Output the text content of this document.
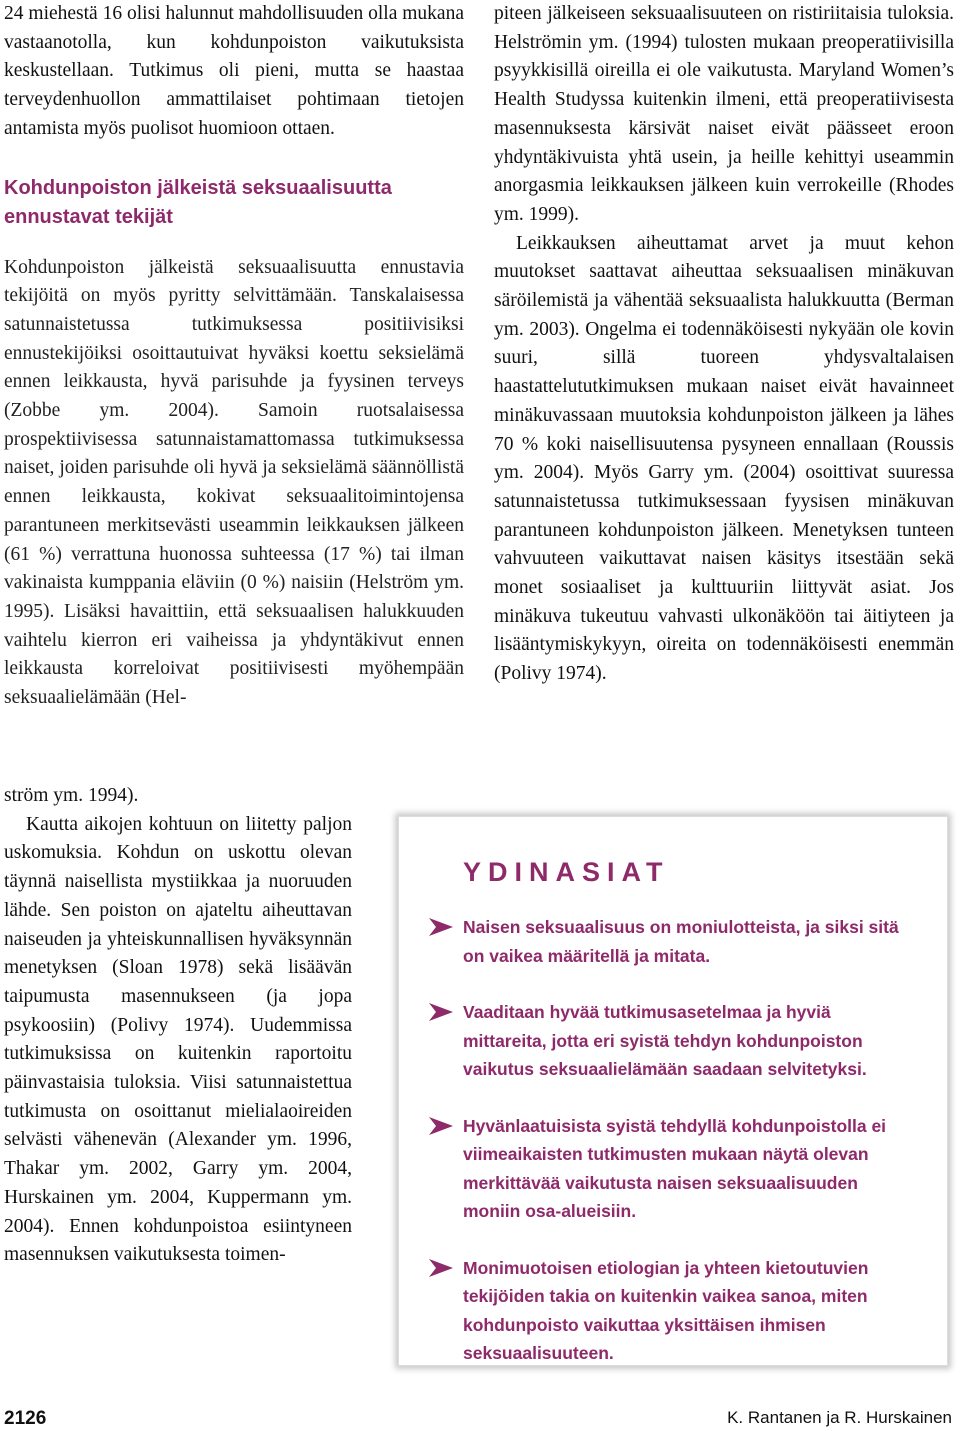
24 miehestä 16 olisi halunnut mahdollisuuden olla mukana vastaanotolla, kun kohdunpoiston vaikutuksista keskustellaan. Tutkimus oli pieni, mutta se haastaa terveydenhuollon ammattilaiset pohtimaan tietojen antamista myös puolisot huomioon ottaen.

Kohdunpoiston jälkeistä seksuaalisuutta ennustavat tekijät

Kohdunpoiston jälkeistä seksuaalisuutta ennustavia tekijöitä on myös pyritty selvittämään. Tanskalaisessa satunnaistetussa tutkimuksessa positiivisiksi ennustekijöiksi osoittautuivat hyväksi koettu seksielämä ennen leikkausta, hyvä parisuhde ja fyysinen terveys (Zobbe ym. 2004). Samoin ruotsalaisessa prospektiivisessa satunnaistamattomassa tutkimuksessa naiset, joiden parisuhde oli hyvä ja seksielämä säännöllistä ennen leikkausta, kokivat seksuaalitoimintojensa parantuneen merkitsevästi useammin leikkauksen jälkeen (61 %) verrattuna huonossa suhteessa (17 %) tai ilman vakinaista kumppania eläviin (0 %) naisiin (Helström ym. 1995). Lisäksi havaittiin, että seksuaalisen halukkuuden vaihtelu kierron eri vaiheissa ja yhdyntäkivut ennen leikkausta korreloivat positiivisesti myöhempään seksuaalielämään (Hel-

ström ym. 1994).

Kautta aikojen kohtuun on liitetty paljon uskomuksia. Kohdun on uskottu olevan täynnä naisellista mystiikkaa ja nuoruuden lähde. Sen poiston on ajateltu aiheuttavan naiseuden ja yhteiskunnallisen hyväksynnän menetyksen (Sloan 1978) sekä lisäävän taipumusta masennukseen (ja jopa psykoosiin) (Polivy 1974). Uudemmissa tutkimuksissa on kuitenkin raportoitu päinvastaisia tuloksia. Viisi satunnaistettua tutkimusta on osoittanut mielialaoireiden selvästi vähenevän (Alexander ym. 1996, Thakar ym. 2002, Garry ym. 2004, Hurskainen ym. 2004, Kuppermann ym. 2004). Ennen kohdunpoistoa esiintyneen masennuksen vaikutuksesta toimen-

piteen jälkeiseen seksuaalisuuteen on ristiriitaisia tuloksia. Helströmin ym. (1994) tulosten mukaan preoperatiivisilla psyykkisillä oireilla ei ole vaikutusta. Maryland Women’s Health Studyssa kuitenkin ilmeni, että preoperatiivisesta masennuksesta kärsivät naiset eivät päässeet eroon yhdyntäkivuista yhtä usein, ja heille kehittyi useammin anorgasmia leikkauksen jälkeen kuin verrokeille (Rhodes ym. 1999).

Leikkauksen aiheuttamat arvet ja muut kehon muutokset saattavat aiheuttaa seksuaalisen minäkuvan säröilemistä ja vähentää seksuaalista halukkuutta (Berman ym. 2003). Ongelma ei todennäköisesti nykyään ole kovin suuri, sillä tuoreen yhdysvaltalaisen haastattelututkimuksen mukaan naiset eivät havainneet minäkuvassaan muutoksia kohdunpoiston jälkeen ja lähes 70 % koki naisellisuutensa pysyneen ennallaan (Roussis ym. 2004). Myös Garry ym. (2004) osoittivat suuressa satunnaistetussa tutkimuksessaan fyysisen minäkuvan parantuneen kohdunpoiston jälkeen. Menetyksen tunteen vahvuuteen vaikuttavat naisen käsitys itsestään sekä monet sosiaaliset ja kulttuuriin liittyvät asiat. Jos minäkuva tukeutuu vahvasti ulkonäköön tai äitiyteen ja lisääntymiskykyyn, oireita on todennäköisesti enemmän (Polivy 1974).

YDINASIAT
Naisen seksuaalisuus on moniulotteista, ja siksi sitä on vaikea määritellä ja mitata.
Vaaditaan hyvää tutkimusasetelmaa ja hyviä mittareita, jotta eri syistä tehdyn kohdunpoiston vaikutus seksuaalielämään saadaan selvitetyksi.
Hyvänlaatuisista syistä tehdyllä kohdunpoistolla ei viimeaikaisten tutkimusten mukaan näytä olevan merkittävää vaikutusta naisen seksuaalisuuden moniin osa-alueisiin.
Monimuotoisen etiologian ja yhteen kietoutuvien tekijöiden takia on kuitenkin vaikea sanoa, miten kohdunpoisto vaikuttaa yksittäisen ihmisen seksuaalisuuteen.
2126	K. Rantanen ja R. Hurskainen
